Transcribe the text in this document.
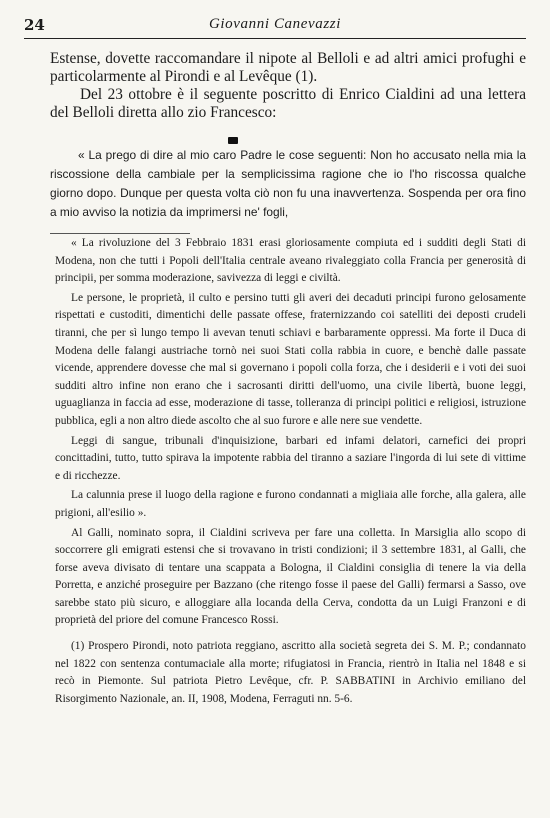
24	Giovanni Canevazzi

Estense, dovette raccomandare il nipote al Belloli e ad altri amici profughi e particolarmente al Pirondi e al Levêque (1).

Del 23 ottobre è il seguente poscritto di Enrico Cialdini ad una lettera del Belloli diretta allo zio Francesco:

« La prego di dire al mio caro Padre le cose seguenti: Non ho accusato nella mia la riscossione della cambiale per la semplicissima ragione che io l'ho riscossa qualche giorno dopo. Dunque per questa volta ciò non fu una inavvertenza. Sospenda per ora fino a mio avviso la notizia da imprimersi ne' fogli,

« La rivoluzione del 3 Febbraio 1831 erasi gloriosamente compiuta ed i sudditi degli Stati di Modena, non che tutti i Popoli dell'Italia centrale aveano rivaleggiato colla Francia per generosità di principii, per somma moderazione, savivezza di leggi e civiltà.

Le persone, le proprietà, il culto e persino tutti gli averi dei decaduti principi furono gelosamente rispettati e custoditi, dimentichi delle passate offese, fraternizzando coi satelliti dei deposti crudeli tiranni, che per sì lungo tempo li avevan tenuti schiavi e barbaramente oppressi. Ma forte il Duca di Modena delle falangi austriache tornò nei suoi Stati colla rabbia in cuore, e benchè dalle passate vicende, apprendere dovesse che mal si governano i popoli colla forza, che i desiderii e i voti dei suoi sudditi altro infine non erano che i sacrosanti diritti dell'uomo, una civile libertà, buone leggi, uguaglianza in faccia ad esse, moderazione di tasse, tolleranza di principi politici e religiosi, istruzione pubblica, egli a non altro diede ascolto che al suo furore e alle nere sue vendette.

Leggi di sangue, tribunali d'inquisizione, barbari ed infami delatori, carnefici dei propri concittadini, tutto, tutto spirava la impotente rabbia del tiranno a saziare l'ingorda di lui sete di vittime e di ricchezze.

La calunnia prese il luogo della ragione e furono condannati a migliaia alle forche, alla galera, alle prigioni, all'esilio ».

Al Galli, nominato sopra, il Cialdini scriveva per fare una colletta. In Marsiglia allo scopo di soccorrere gli emigrati estensi che si trovavano in tristi condizioni; il 3 settembre 1831, al Galli, che forse aveva divisato di tentare una scappata a Bologna, il Cialdini consiglia di tenere la via della Porretta, e anziché proseguire per Bazzano (che ritengo fosse il paese del Galli) fermarsi a Sasso, ove sarebbe stato più sicuro, e alloggiare alla locanda della Cerva, condotta da un Luigi Franzoni e di proprietà del priore del comune Francesco Rossi.

(1) Prospero Pirondi, noto patriota reggiano, ascritto alla società segreta dei S. M. P.; condannato nel 1822 con sentenza contumaciale alla morte; rifugiatosi in Francia, rientrò in Italia nel 1848 e si recò in Piemonte. Sul patriota Pietro Levêque, cfr. P. SABBATINI in Archivio emiliano del Risorgimento Nazionale, an. II, 1908, Modena, Ferraguti nn. 5-6.
